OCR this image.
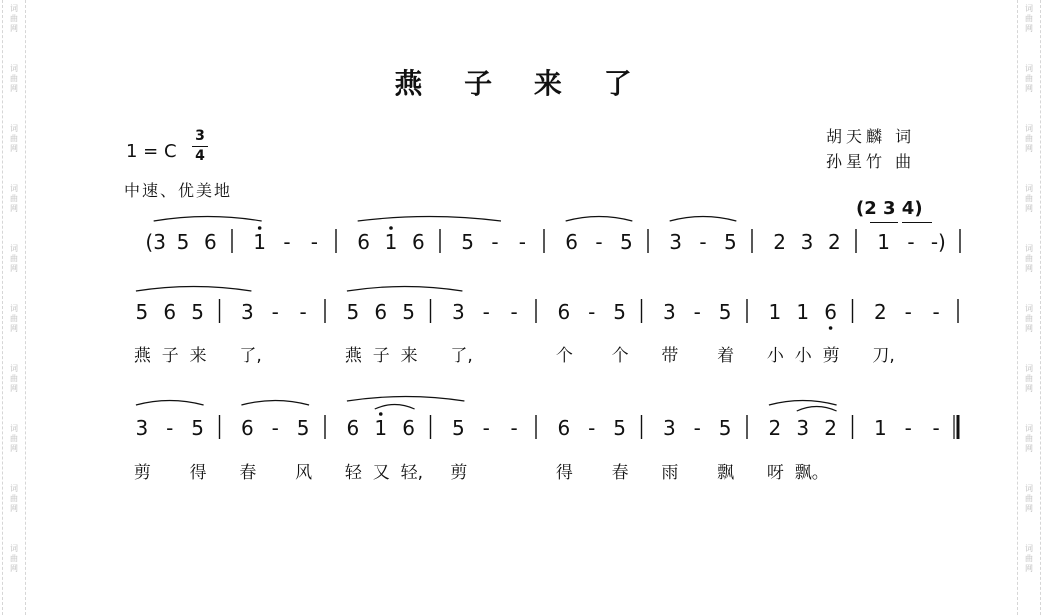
词
曲
网
词
曲
网
词
曲
网
词
曲
网
词
曲
网
词
曲
网
词
曲
网
词
曲
网
词
曲
网
词
曲
网
词
曲
网
词
曲
网
词
曲
网
词
曲
网
词
曲
网
词
曲
网
词
曲
网
词
曲
网
词
曲
网
词
曲
网
燕 子 来 了
1 = C
3
4
中速、优美地
胡天麟 词
孙星竹 曲
(2 3 4)
(3 5 6 1 - - 6 1 6 5 - - 6 - 5 3 - 5 2 3 2 1 - -)
5 6 5 3 - - 5 6 5 3 - - 6 - 5 3 - 5 1 1 6 2 - -
3 - 5 6 - 5 6 1 6 5 - - 6 - 5 3 - 5 2 3 2 1 - -
燕 子 来 了,	燕 子 来 了,	个 个 带 着 小 小 剪 刀,
剪 得 春 风 轻 又 轻, 剪	得 春 雨 飘 呀 飘。
